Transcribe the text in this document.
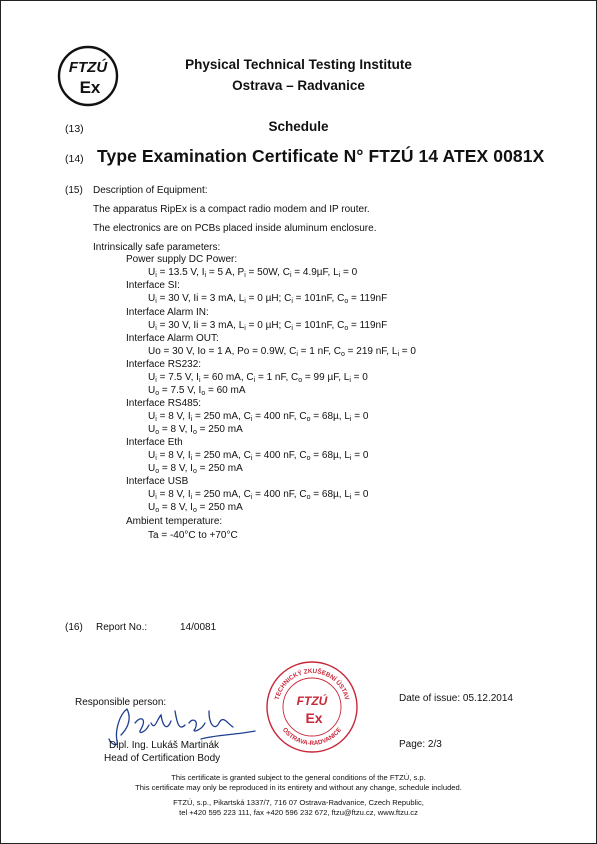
FTZÚ
Ex
Physical Technical Testing Institute
Ostrava – Radvanice
(13)	Schedule
(14) Type Examination Certificate N° FTZÚ 14 ATEX 0081X
(15) Description of Equipment:
The apparatus RipEx is a compact radio modem and IP router.
The electronics are on PCBs placed inside aluminum enclosure.
Intrinsically safe parameters:
Power supply DC Power:
$U_i = 13.5$ V, $I_i = 5$ A, $P_i = 50W$, $C_i = 4.9\mu F$, $L_i = 0$
Interface SI:
$U_i = 30$ V, Ii = 3 mA, $L_i = 0$ µH; $C_i = 101nF$, $C_o = 119nF$
Interface Alarm IN:
$U_i = 30$ V, Ii = 3 mA, $L_i = 0$ µH; $C_i = 101nF$, $C_o = 119nF$
Interface Alarm OUT:
Uo = 30 V, Io = 1 A, Po = 0.9W, $C_i = 1$ nF, $C_o = 219$ nF, $L_i = 0$
Interface RS232:
$U_i = 7.5$ V, $I_i = 60$ mA, $C_i = 1$ nF, $C_o = 99$ µF, $L_i = 0$
$U_o = 7.5$ V, $I_o = 60$ mA
Interface RS485:
$U_i = 8$ V, $I_i = 250$ mA, $C_i = 400$ nF, $C_o = 68\mu$, $L_i = 0$
$U_o = 8$ V, $I_o = 250$ mA
Interface Eth
$U_i = 8$ V, $I_i = 250$ mA, $C_i = 400$ nF, $C_o = 68\mu$, $L_i = 0$
$U_o = 8$ V, $I_o = 250$ mA
Interface USB
$U_i = 8$ V, $I_i = 250$ mA, $C_i = 400$ nF, $C_o = 68\mu$, $L_i = 0$
$U_o = 8$ V, $I_o = 250$ mA
Ambient temperature:
Ta = -40°C to +70°C
(16) Report No.:	14/0081
Responsible person:
Dipl. Ing. Lukáš Martinák
Head of Certification Body
TECHNICKÝ ZKUŠEBNÍ ÚSTAV
OSTRAVA-RADVANICE
FTZÚ
Ex
Date of issue: 05.12.2014
Page: 2/3
This certificate is granted subject to the general conditions of the FTZÚ, s.p.
This certificate may only be reproduced in its entirety and without any change, schedule included.
FTZÚ, s.p., Pikartská 1337/7, 716 07 Ostrava-Radvanice, Czech Republic,
tel +420 595 223 111, fax +420 596 232 672, ftzu@ftzu.cz, www.ftzu.cz
